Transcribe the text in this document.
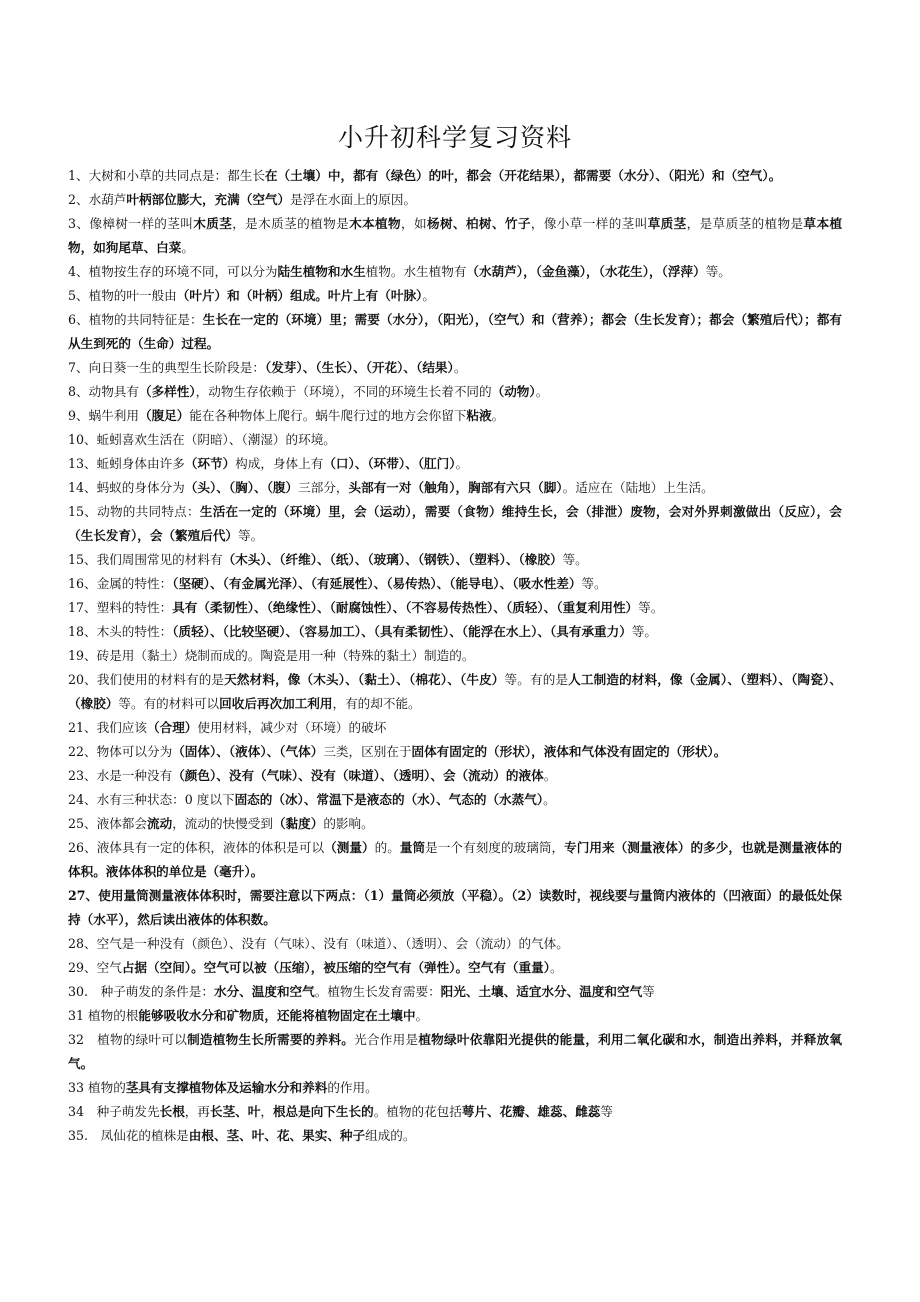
小升初科学复习资料

1、大树和小草的共同点是：都生长在（土壤）中，都有（绿色）的叶，都会（开花结果），都需要（水分）、（阳光）和（空气）。

2、水葫芦叶柄部位膨大，充满（空气）是浮在水面上的原因。

3、像樟树一样的茎叫木质茎，是木质茎的植物是木本植物，如杨树、柏树、竹子，像小草一样的茎叫草质茎，是草质茎的植物是草本植物，如狗尾草、白菜。

4、植物按生存的环境不同，可以分为陆生植物和水生植物。水生植物有（水葫芦），（金鱼藻），（水花生），（浮萍）等。

5、植物的叶一般由（叶片）和（叶柄）组成。叶片上有（叶脉）。

6、植物的共同特征是：生长在一定的（环境）里；需要（水分），（阳光），（空气）和（营养）；都会（生长发育）；都会（繁殖后代）；都有从生到死的（生命）过程。

7、向日葵一生的典型生长阶段是：（发芽）、（生长）、（开花）、（结果）。

8、动物具有（多样性），动物生存依赖于（环境），不同的环境生长着不同的（动物）。

9、蜗牛利用（腹足）能在各种物体上爬行。蜗牛爬行过的地方会你留下粘液。

10、蚯蚓喜欢生活在（阴暗）、（潮湿）的环境。

13、蚯蚓身体由许多（环节）构成，身体上有（口）、（环带）、（肛门）。

14、蚂蚁的身体分为（头）、（胸）、（腹）三部分，头部有一对（触角），胸部有六只（脚）。适应在（陆地）上生活。

15、动物的共同特点：生活在一定的（环境）里，会（运动），需要（食物）维持生长，会（排泄）废物，会对外界刺激做出（反应），会（生长发育），会（繁殖后代）等。

15、我们周围常见的材料有（木头）、（纤维）、（纸）、（玻璃）、（钢铁）、（塑料）、（橡胶）等。

16、金属的特性：（坚硬）、（有金属光泽）、（有延展性）、（易传热）、（能导电）、（吸水性差）等。

17、塑料的特性：具有（柔韧性）、（绝缘性）、（耐腐蚀性）、（不容易传热性）、（质轻）、（重复利用性）等。

18、木头的特性：（质轻）、（比较坚硬）、（容易加工）、（具有柔韧性）、（能浮在水上）、（具有承重力）等。

19、砖是用（黏土）烧制而成的。陶瓷是用一种（特殊的黏土）制造的。

20、我们使用的材料有的是天然材料，像（木头）、（黏土）、（棉花）、（牛皮）等。有的是人工制造的材料，像（金属）、（塑料）、（陶瓷）、（橡胶）等。有的材料可以回收后再次加工利用，有的却不能。

21、我们应该（合理）使用材料，减少对（环境）的破坏

22、物体可以分为（固体）、（液体）、（气体）三类，区别在于固体有固定的（形状），液体和气体没有固定的（形状）。

23、水是一种没有（颜色）、没有（气味）、没有（味道）、（透明）、会（流动）的液体。

24、水有三种状态：0 度以下固态的（冰）、常温下是液态的（水）、气态的（水蒸气）。

25、液体都会流动，流动的快慢受到（黏度）的影响。

26、液体具有一定的体积，液体的体积是可以（测量）的。量筒是一个有刻度的玻璃筒，专门用来（测量液体）的多少，也就是测量液体的体积。液体体积的单位是（毫升）。

27、使用量筒测量液体体积时，需要注意以下两点：（1）量筒必须放（平稳）。（2）读数时，视线要与量筒内液体的（凹液面）的最低处保持（水平），然后读出液体的体积数。

28、空气是一种没有（颜色）、没有（气味）、没有（味道）、（透明）、会（流动）的气体。

29、空气占据（空间）。空气可以被（压缩），被压缩的空气有（弹性）。空气有（重量）。

30.　种子萌发的条件是：水分、温度和空气。植物生长发育需要：阳光、土壤、适宜水分、温度和空气等

31 植物的根能够吸收水分和矿物质，还能将植物固定在土壤中。

32　植物的绿叶可以制造植物生长所需要的养料。光合作用是植物绿叶依靠阳光提供的能量，利用二氧化碳和水，制造出养料，并释放氧气。

33 植物的茎具有支撑植物体及运输水分和养料的作用。

34　种子萌发先长根，再长茎、叶，根总是向下生长的。植物的花包括萼片、花瓣、雄蕊、雌蕊等

35.　凤仙花的植株是由根、茎、叶、花、果实、种子组成的。
